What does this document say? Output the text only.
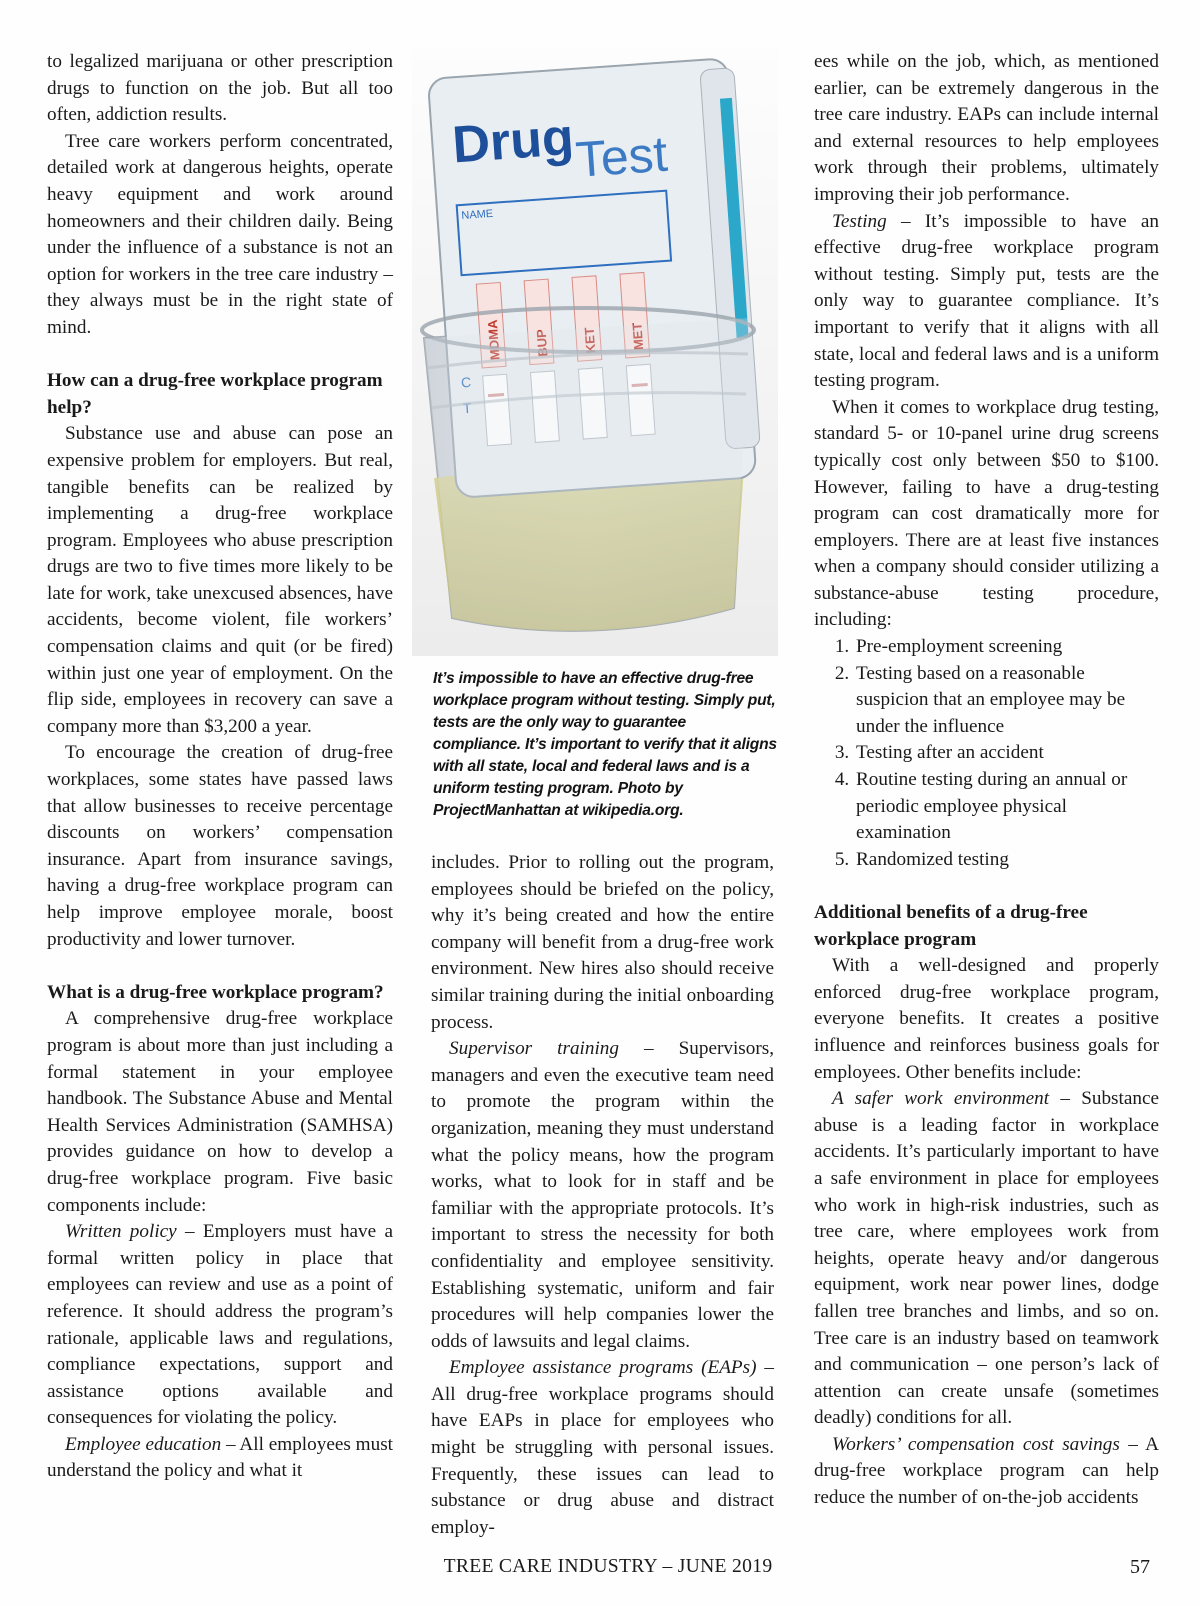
to legalized marijuana or other prescription drugs to function on the job. But all too often, addiction results.

Tree care workers perform concentrated, detailed work at dangerous heights, operate heavy equipment and work around homeowners and their children daily. Being under the influence of a substance is not an option for workers in the tree care industry – they always must be in the right state of mind.

How can a drug-free workplace program help?

Substance use and abuse can pose an expensive problem for employers. But real, tangible benefits can be realized by implementing a drug-free workplace program. Employees who abuse prescription drugs are two to five times more likely to be late for work, take unexcused absences, have accidents, become violent, file workers’ compensation claims and quit (or be fired) within just one year of employment. On the flip side, employees in recovery can save a company more than $3,200 a year.

To encourage the creation of drug-free workplaces, some states have passed laws that allow businesses to receive percentage discounts on workers’ compensation insurance. Apart from insurance savings, having a drug-free workplace program can help improve employee morale, boost productivity and lower turnover.

What is a drug-free workplace program?

A comprehensive drug-free workplace program is about more than just including a formal statement in your employee handbook. The Substance Abuse and Mental Health Services Administration (SAMHSA) provides guidance on how to develop a drug-free workplace program. Five basic components include:

Written policy – Employers must have a formal written policy in place that employees can review and use as a point of reference. It should address the program’s rationale, applicable laws and regulations, compliance expectations, support and assistance options available and consequences for violating the policy.

Employee education – All employees must understand the policy and what it

Drug
Test
NAME
MDMA BUP KET MET
C
T
It’s impossible to have an effective drug-free workplace program without testing. Simply put, tests are the only way to guarantee compliance. It’s important to verify that it aligns with all state, local and federal laws and is a uniform testing program. Photo by ProjectManhattan at wikipedia.org.

includes. Prior to rolling out the program, employees should be briefed on the policy, why it’s being created and how the entire company will benefit from a drug-free work environment. New hires also should receive similar training during the initial onboarding process.

Supervisor training – Supervisors, managers and even the executive team need to promote the program within the organization, meaning they must understand what the policy means, how the program works, what to look for in staff and be familiar with the appropriate protocols. It’s important to stress the necessity for both confidentiality and employee sensitivity. Establishing systematic, uniform and fair procedures will help companies lower the odds of lawsuits and legal claims.

Employee assistance programs (EAPs) – All drug-free workplace programs should have EAPs in place for employees who might be struggling with personal issues. Frequently, these issues can lead to substance or drug abuse and distract employ-

ees while on the job, which, as mentioned earlier, can be extremely dangerous in the tree care industry. EAPs can include internal and external resources to help employees work through their problems, ultimately improving their job performance.

Testing – It’s impossible to have an effective drug-free workplace program without testing. Simply put, tests are the only way to guarantee compliance. It’s important to verify that it aligns with all state, local and federal laws and is a uniform testing program.

When it comes to workplace drug testing, standard 5- or 10-panel urine drug screens typically cost only between $50 to $100. However, failing to have a drug-testing program can cost dramatically more for employers. There are at least five instances when a company should consider utilizing a substance-abuse testing procedure, including:

1. Pre-employment screening
2. Testing based on a reasonable suspicion that an employee may be under the influence
3. Testing after an accident
4. Routine testing during an annual or periodic employee physical examination
5. Randomized testing
Additional benefits of a drug-free workplace program

With a well-designed and properly enforced drug-free workplace program, everyone benefits. It creates a positive influence and reinforces business goals for employees. Other benefits include:

A safer work environment – Substance abuse is a leading factor in workplace accidents. It’s particularly important to have a safe environment in place for employees who work in high-risk industries, such as tree care, where employees work from heights, operate heavy and/or dangerous equipment, work near power lines, dodge fallen tree branches and limbs, and so on. Tree care is an industry based on teamwork and communication – one person’s lack of attention can create unsafe (sometimes deadly) conditions for all.

Workers’ compensation cost savings – A drug-free workplace program can help reduce the number of on-the-job accidents

TREE CARE INDUSTRY – JUNE 2019	57
